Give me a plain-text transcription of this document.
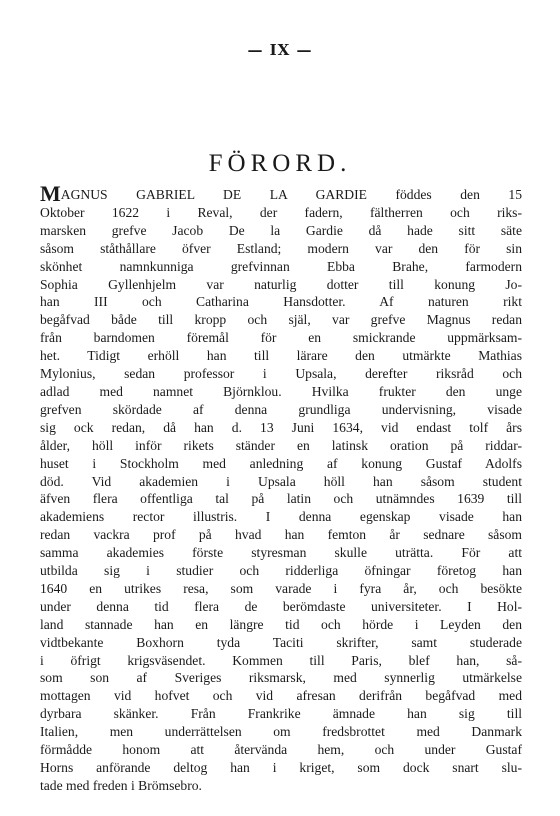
— IX —
FÖRORD.
MAGNUS GABRIEL DE LA GARDIE föddes den 15
Oktober 1622 i Reval, der fadern, fältherren och riks-
marsken grefve Jacob De la Gardie då hade sitt säte
såsom ståthållare öfver Estland; modern var den för sin
skönhet namnkunniga grefvinnan Ebba Brahe, farmodern
Sophia Gyllenhjelm var naturlig dotter till konung Jo-
han III och Catharina Hansdotter. Af naturen rikt
begåfvad både till kropp och själ, var grefve Magnus redan
från barndomen föremål för en smickrande uppmärksam-
het. Tidigt erhöll han till lärare den utmärkte Mathias
Mylonius, sedan professor i Upsala, derefter riksråd och
adlad med namnet Björnklou. Hvilka frukter den unge
grefven skördade af denna grundliga undervisning, visade
sig ock redan, då han d. 13 Juni 1634, vid endast tolf års
ålder, höll inför rikets ständer en latinsk oration på riddar-
huset i Stockholm med anledning af konung Gustaf Adolfs
död. Vid akademien i Upsala höll han såsom student
äfven flera offentliga tal på latin och utnämndes 1639 till
akademiens rector illustris. I denna egenskap visade han
redan vackra prof på hvad han femton år sednare såsom
samma akademies förste styresman skulle uträtta. För att
utbilda sig i studier och ridderliga öfningar företog han
1640 en utrikes resa, som varade i fyra år, och besökte
under denna tid flera de berömdaste universiteter. I Hol-
land stannade han en längre tid och hörde i Leyden den
vidtbekante Boxhorn tyda Taciti skrifter, samt studerade
i öfrigt krigsväsendet. Kommen till Paris, blef han, så-
som son af Sveriges riksmarsk, med synnerlig utmärkelse
mottagen vid hofvet och vid afresan derifrån begåfvad med
dyrbara skänker. Från Frankrike ämnade han sig till
Italien, men underrättelsen om fredsbrottet med Danmark
förmådde honom att återvända hem, och under Gustaf
Horns anförande deltog han i kriget, som dock snart slu-
tade med freden i Brömsebro.
